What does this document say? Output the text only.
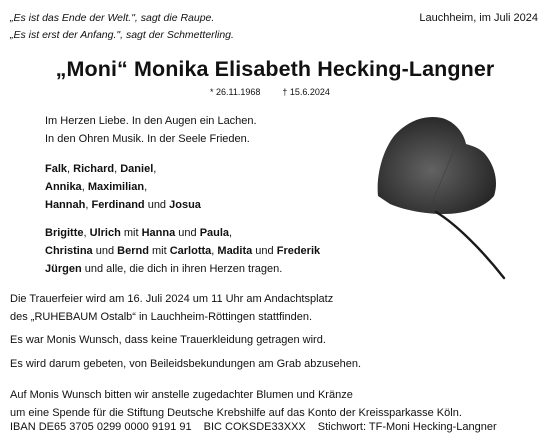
„Es ist das Ende der Welt.", sagt die Raupe.
„Es ist erst der Anfang.", sagt der Schmetterling.
Lauchheim, im Juli 2024
„Moni“ Monika Elisabeth Hecking-Langner
* 26.11.1968 † 15.6.2024
Im Herzen Liebe. In den Augen ein Lachen.
In den Ohren Musik. In der Seele Frieden.
Falk, Richard, Daniel,
Annika, Maximilian,
Hannah, Ferdinand und Josua
Brigitte, Ulrich mit Hanna und Paula,
Christina und Bernd mit Carlotta, Madita und Frederik
Jürgen und alle, die dich in ihren Herzen tragen.
Die Trauerfeier wird am 16. Juli 2024 um 11 Uhr am Andachtsplatz
des „RUHEBAUM Ostalb“ in Lauchheim-Röttingen stattfinden.
Es war Monis Wunsch, dass keine Trauerkleidung getragen wird.
Es wird darum gebeten, von Beileidsbekundungen am Grab abzusehen.
Auf Monis Wunsch bitten wir anstelle zugedachter Blumen und Kränze
um eine Spende für die Stiftung Deutsche Krebshilfe auf das Konto der Kreissparkasse Köln.
IBAN DE65 3705 0299 0000 9191 91 BIC COKSDE33XXX Stichwort: TF-Moni Hecking-Langner
